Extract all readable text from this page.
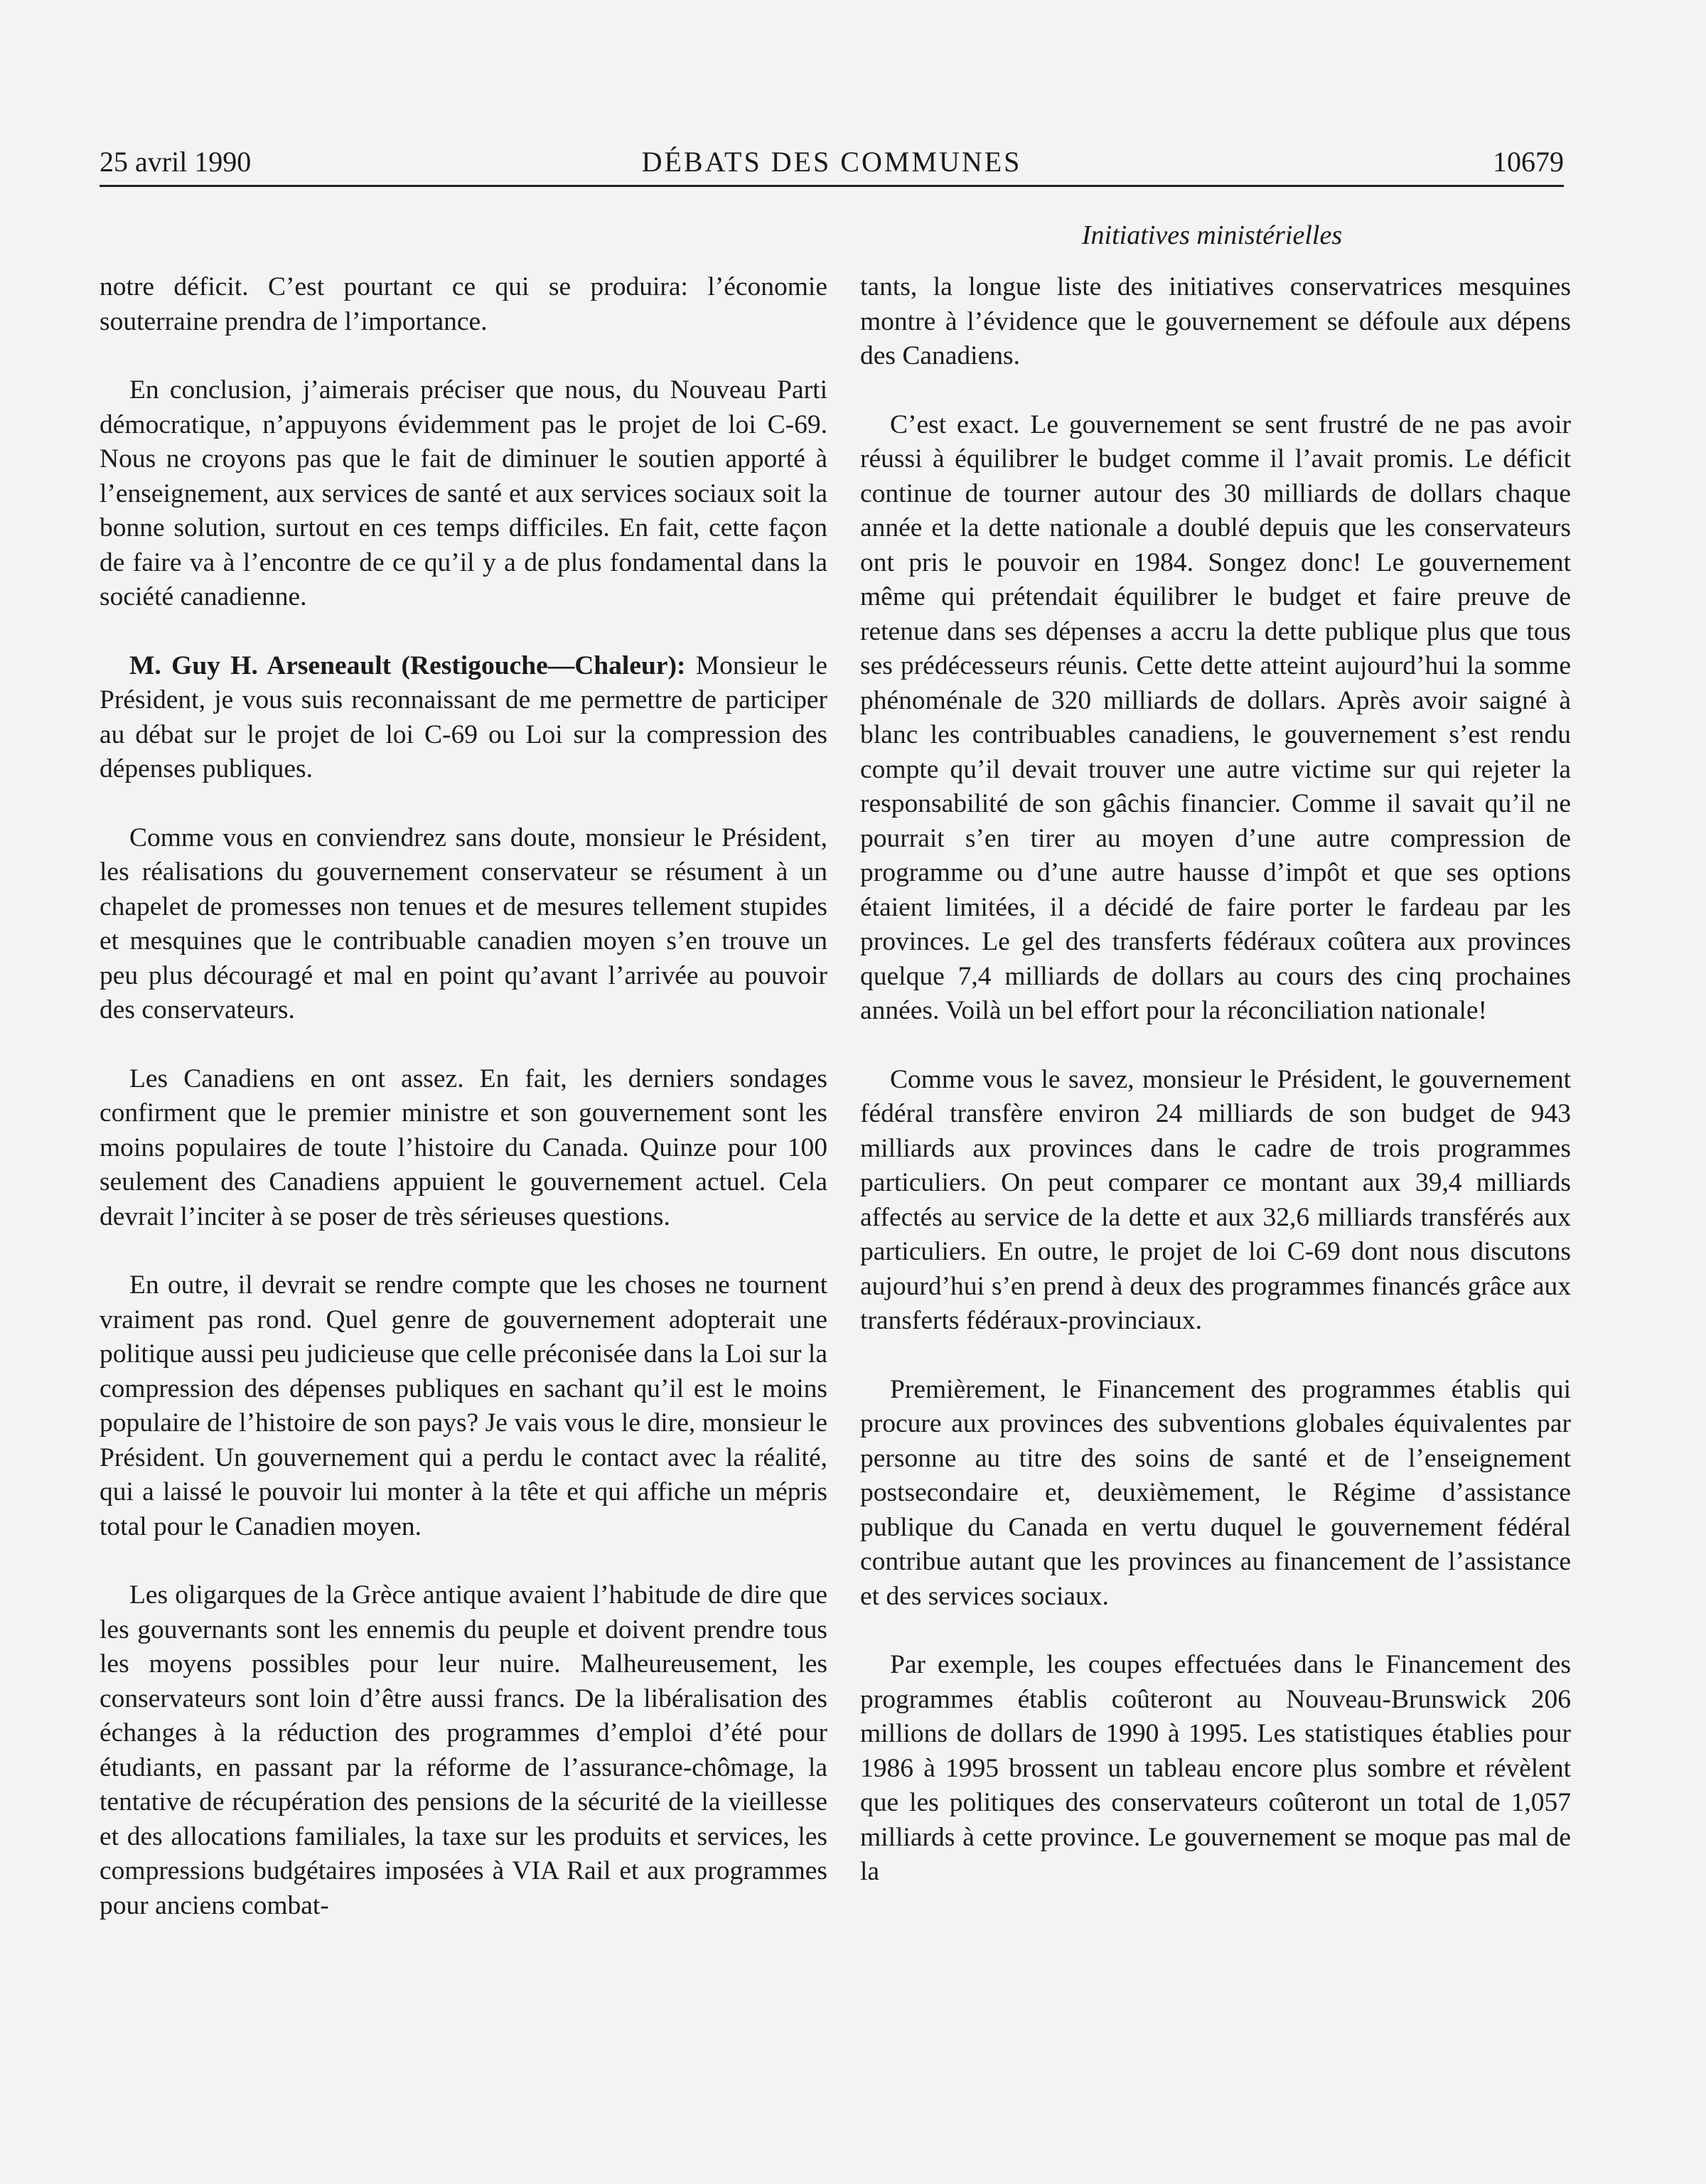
DÉBATS DES COMMUNES
25 avril 1990	10679
Initiatives ministérielles

notre déficit. C’est pourtant ce qui se produira: l’économie souterraine prendra de l’importance.

En conclusion, j’aimerais préciser que nous, du Nouveau Parti démocratique, n’appuyons évidemment pas le projet de loi C-69. Nous ne croyons pas que le fait de diminuer le soutien apporté à l’enseignement, aux services de santé et aux services sociaux soit la bonne solution, surtout en ces temps difficiles. En fait, cette façon de faire va à l’encontre de ce qu’il y a de plus fondamental dans la société canadienne.

M. Guy H. Arseneault (Restigouche—Chaleur): Monsieur le Président, je vous suis reconnaissant de me permettre de participer au débat sur le projet de loi C-69 ou Loi sur la compression des dépenses publiques.

Comme vous en conviendrez sans doute, monsieur le Président, les réalisations du gouvernement conservateur se résument à un chapelet de promesses non tenues et de mesures tellement stupides et mesquines que le contribuable canadien moyen s’en trouve un peu plus découragé et mal en point qu’avant l’arrivée au pouvoir des conservateurs.

Les Canadiens en ont assez. En fait, les derniers sondages confirment que le premier ministre et son gouvernement sont les moins populaires de toute l’histoire du Canada. Quinze pour 100 seulement des Canadiens appuient le gouvernement actuel. Cela devrait l’inciter à se poser de très sérieuses questions.

En outre, il devrait se rendre compte que les choses ne tournent vraiment pas rond. Quel genre de gouvernement adopterait une politique aussi peu judicieuse que celle préconisée dans la Loi sur la compression des dépenses publiques en sachant qu’il est le moins populaire de l’histoire de son pays? Je vais vous le dire, monsieur le Président. Un gouvernement qui a perdu le contact avec la réalité, qui a laissé le pouvoir lui monter à la tête et qui affiche un mépris total pour le Canadien moyen.

Les oligarques de la Grèce antique avaient l’habitude de dire que les gouvernants sont les ennemis du peuple et doivent prendre tous les moyens possibles pour leur nuire. Malheureusement, les conservateurs sont loin d’être aussi francs. De la libéralisation des échanges à la réduction des programmes d’emploi d’été pour étudiants, en passant par la réforme de l’assurance-chômage, la tentative de récupération des pensions de la sécurité de la vieillesse et des allocations familiales, la taxe sur les produits et services, les compressions budgétaires imposées à VIA Rail et aux programmes pour anciens combat-

tants, la longue liste des initiatives conservatrices mesquines montre à l’évidence que le gouvernement se défoule aux dépens des Canadiens.

C’est exact. Le gouvernement se sent frustré de ne pas avoir réussi à équilibrer le budget comme il l’avait promis. Le déficit continue de tourner autour des 30 milliards de dollars chaque année et la dette nationale a doublé depuis que les conservateurs ont pris le pouvoir en 1984. Songez donc! Le gouvernement même qui prétendait équilibrer le budget et faire preuve de retenue dans ses dépenses a accru la dette publique plus que tous ses prédécesseurs réunis. Cette dette atteint aujourd’hui la somme phénoménale de 320 milliards de dollars. Après avoir saigné à blanc les contribuables canadiens, le gouvernement s’est rendu compte qu’il devait trouver une autre victime sur qui rejeter la responsabilité de son gâchis financier. Comme il savait qu’il ne pourrait s’en tirer au moyen d’une autre compression de programme ou d’une autre hausse d’impôt et que ses options étaient limitées, il a décidé de faire porter le fardeau par les provinces. Le gel des transferts fédéraux coûtera aux provinces quelque 7,4 milliards de dollars au cours des cinq prochaines années. Voilà un bel effort pour la réconciliation nationale!

Comme vous le savez, monsieur le Président, le gouvernement fédéral transfère environ 24 milliards de son budget de 943 milliards aux provinces dans le cadre de trois programmes particuliers. On peut comparer ce montant aux 39,4 milliards affectés au service de la dette et aux 32,6 milliards transférés aux particuliers. En outre, le projet de loi C-69 dont nous discutons aujourd’hui s’en prend à deux des programmes financés grâce aux transferts fédéraux-provinciaux.

Premièrement, le Financement des programmes établis qui procure aux provinces des subventions globales équivalentes par personne au titre des soins de santé et de l’enseignement postsecondaire et, deuxièmement, le Régime d’assistance publique du Canada en vertu duquel le gouvernement fédéral contribue autant que les provinces au financement de l’assistance et des services sociaux.

Par exemple, les coupes effectuées dans le Financement des programmes établis coûteront au Nouveau-Brunswick 206 millions de dollars de 1990 à 1995. Les statistiques établies pour 1986 à 1995 brossent un tableau encore plus sombre et révèlent que les politiques des conservateurs coûteront un total de 1,057 milliards à cette province. Le gouvernement se moque pas mal de la
